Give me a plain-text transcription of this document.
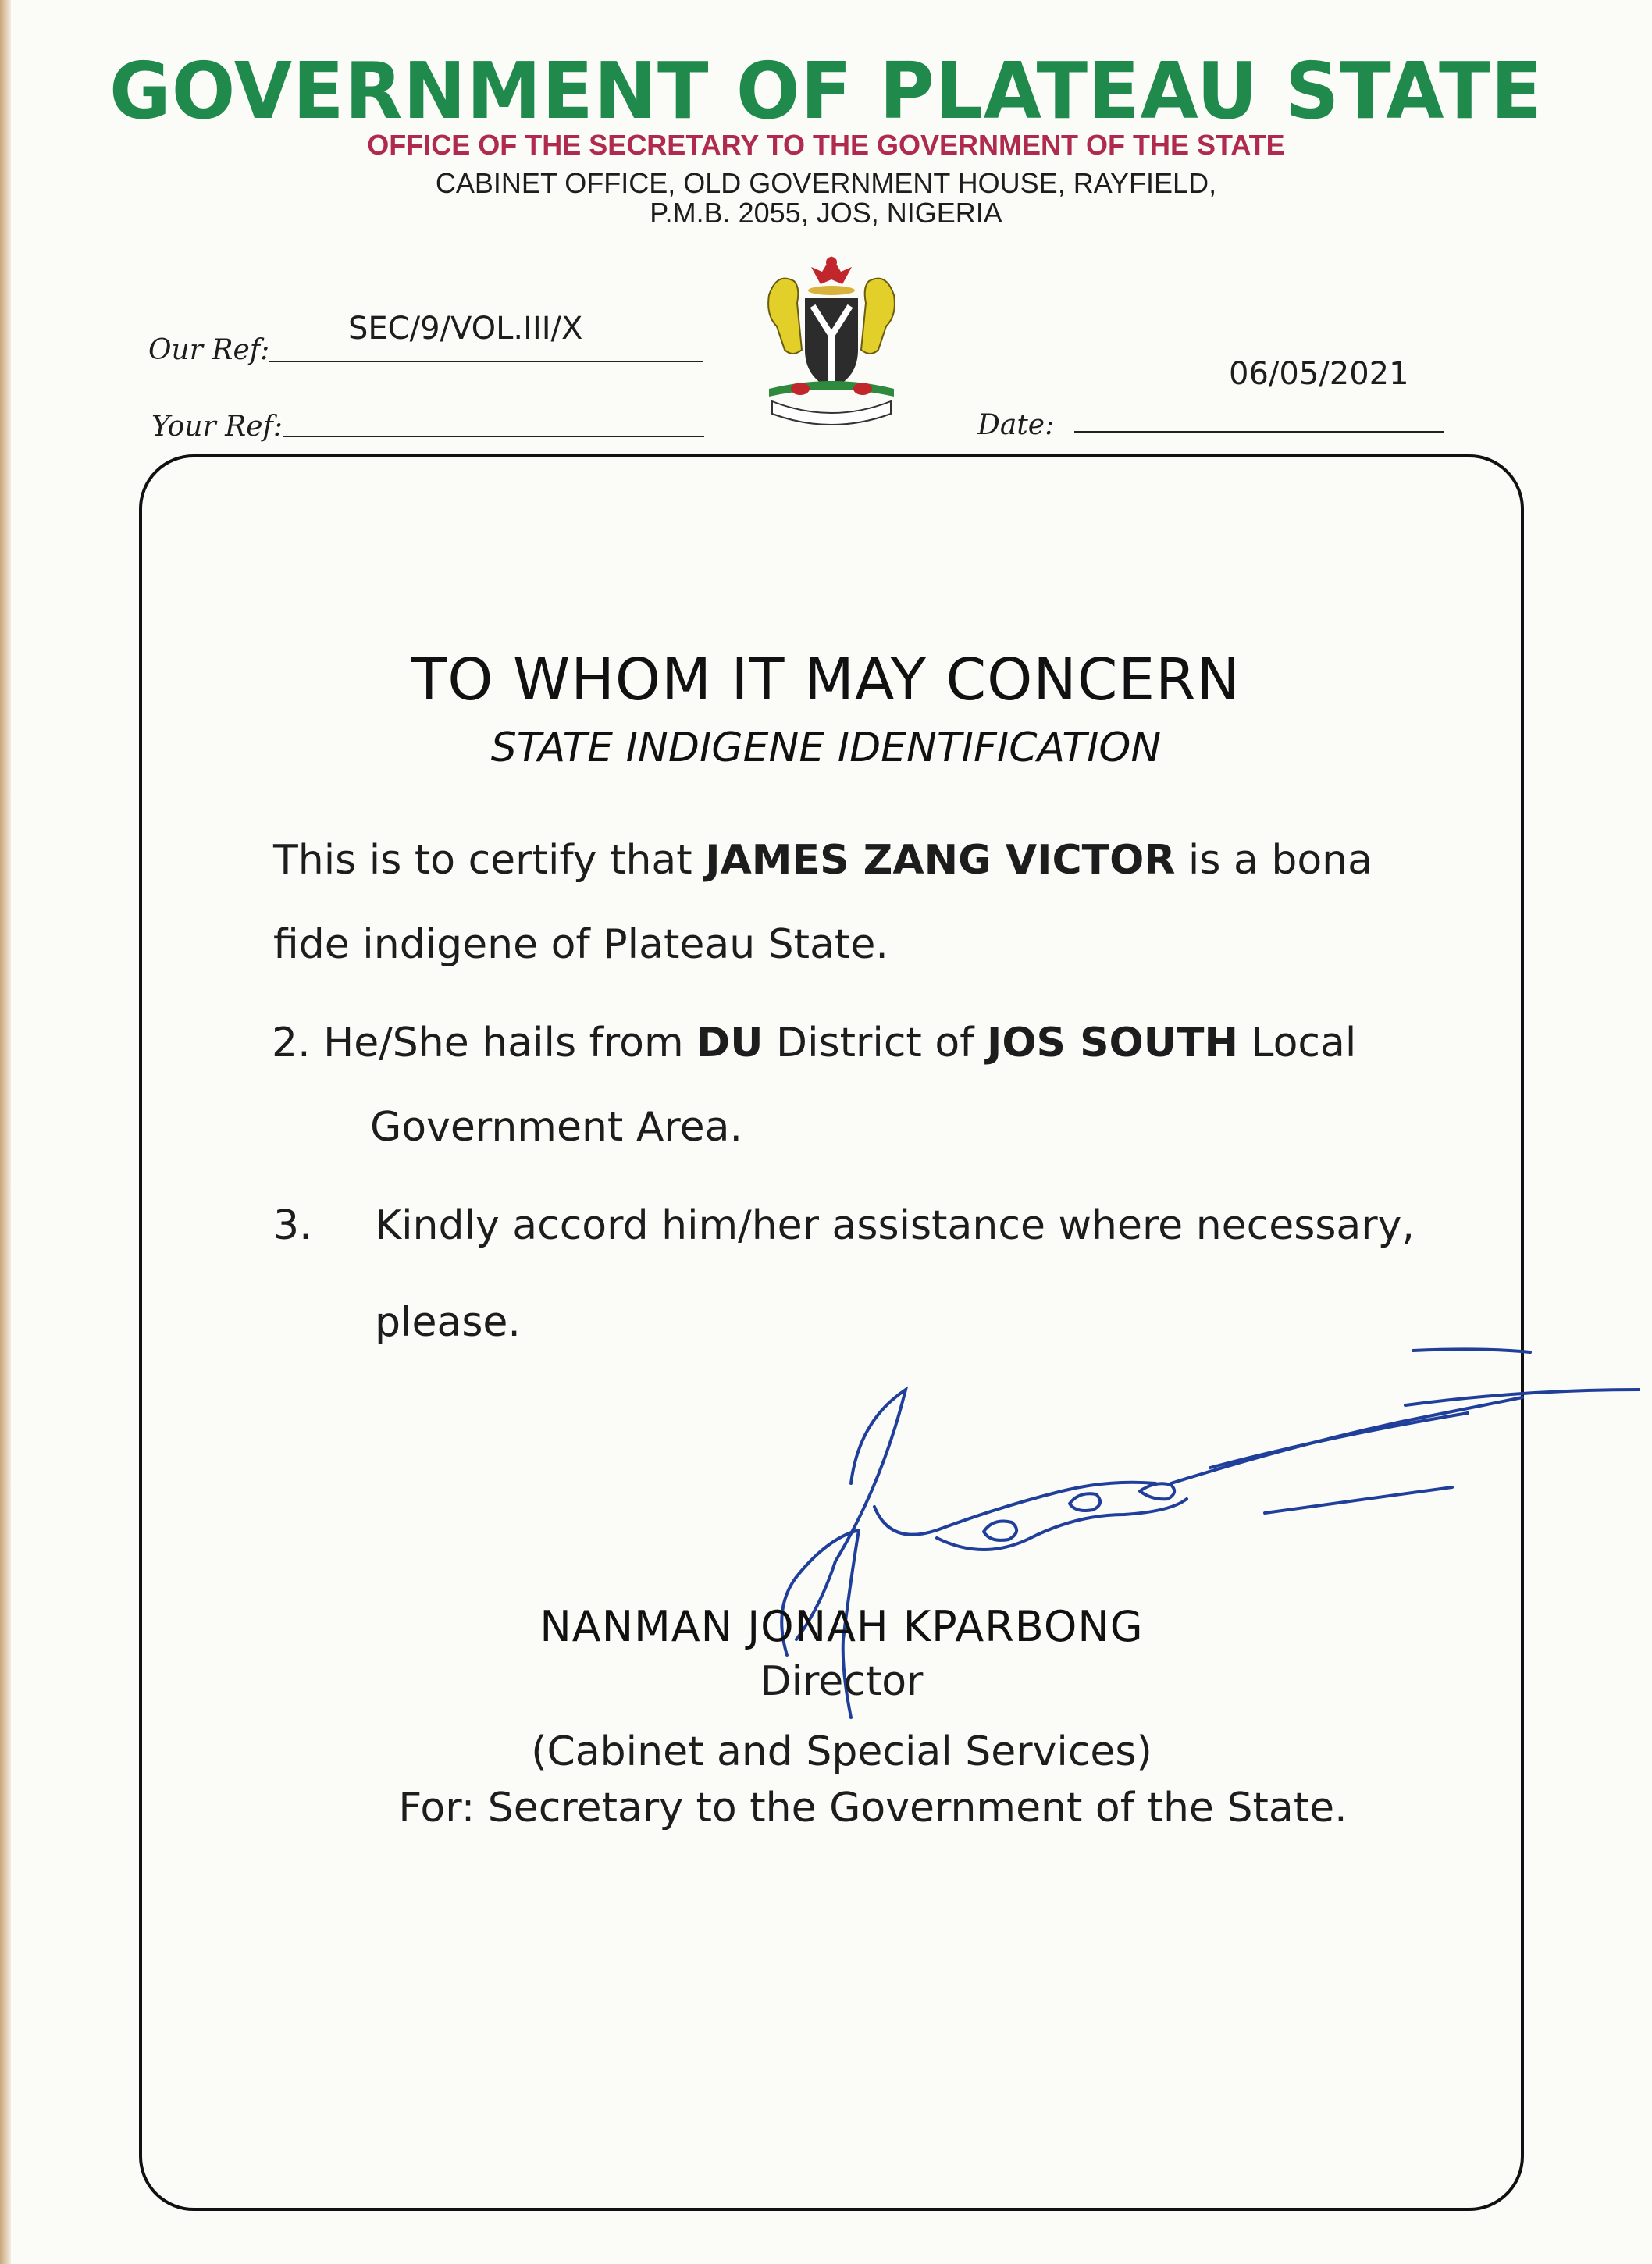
GOVERNMENT OF PLATEAU STATE
OFFICE OF THE SECRETARY TO THE GOVERNMENT OF THE STATE
CABINET OFFICE, OLD GOVERNMENT HOUSE, RAYFIELD,
P.M.B. 2055, JOS, NIGERIA
Our Ref:
SEC/9/VOL.III/X
Your Ref:
06/05/2021
Date:
TO WHOM IT MAY CONCERN
STATE INDIGENE IDENTIFICATION
This is to certify that JAMES ZANG VICTOR is a bona
fide indigene of Plateau State.
2. He/She hails from DU District of JOS SOUTH Local
Government Area.
3. Kindly accord him/her assistance where necessary,
please.
NANMAN JONAH KPARBONG
Director
(Cabinet and Special Services)
For: Secretary to the Government of the State.
